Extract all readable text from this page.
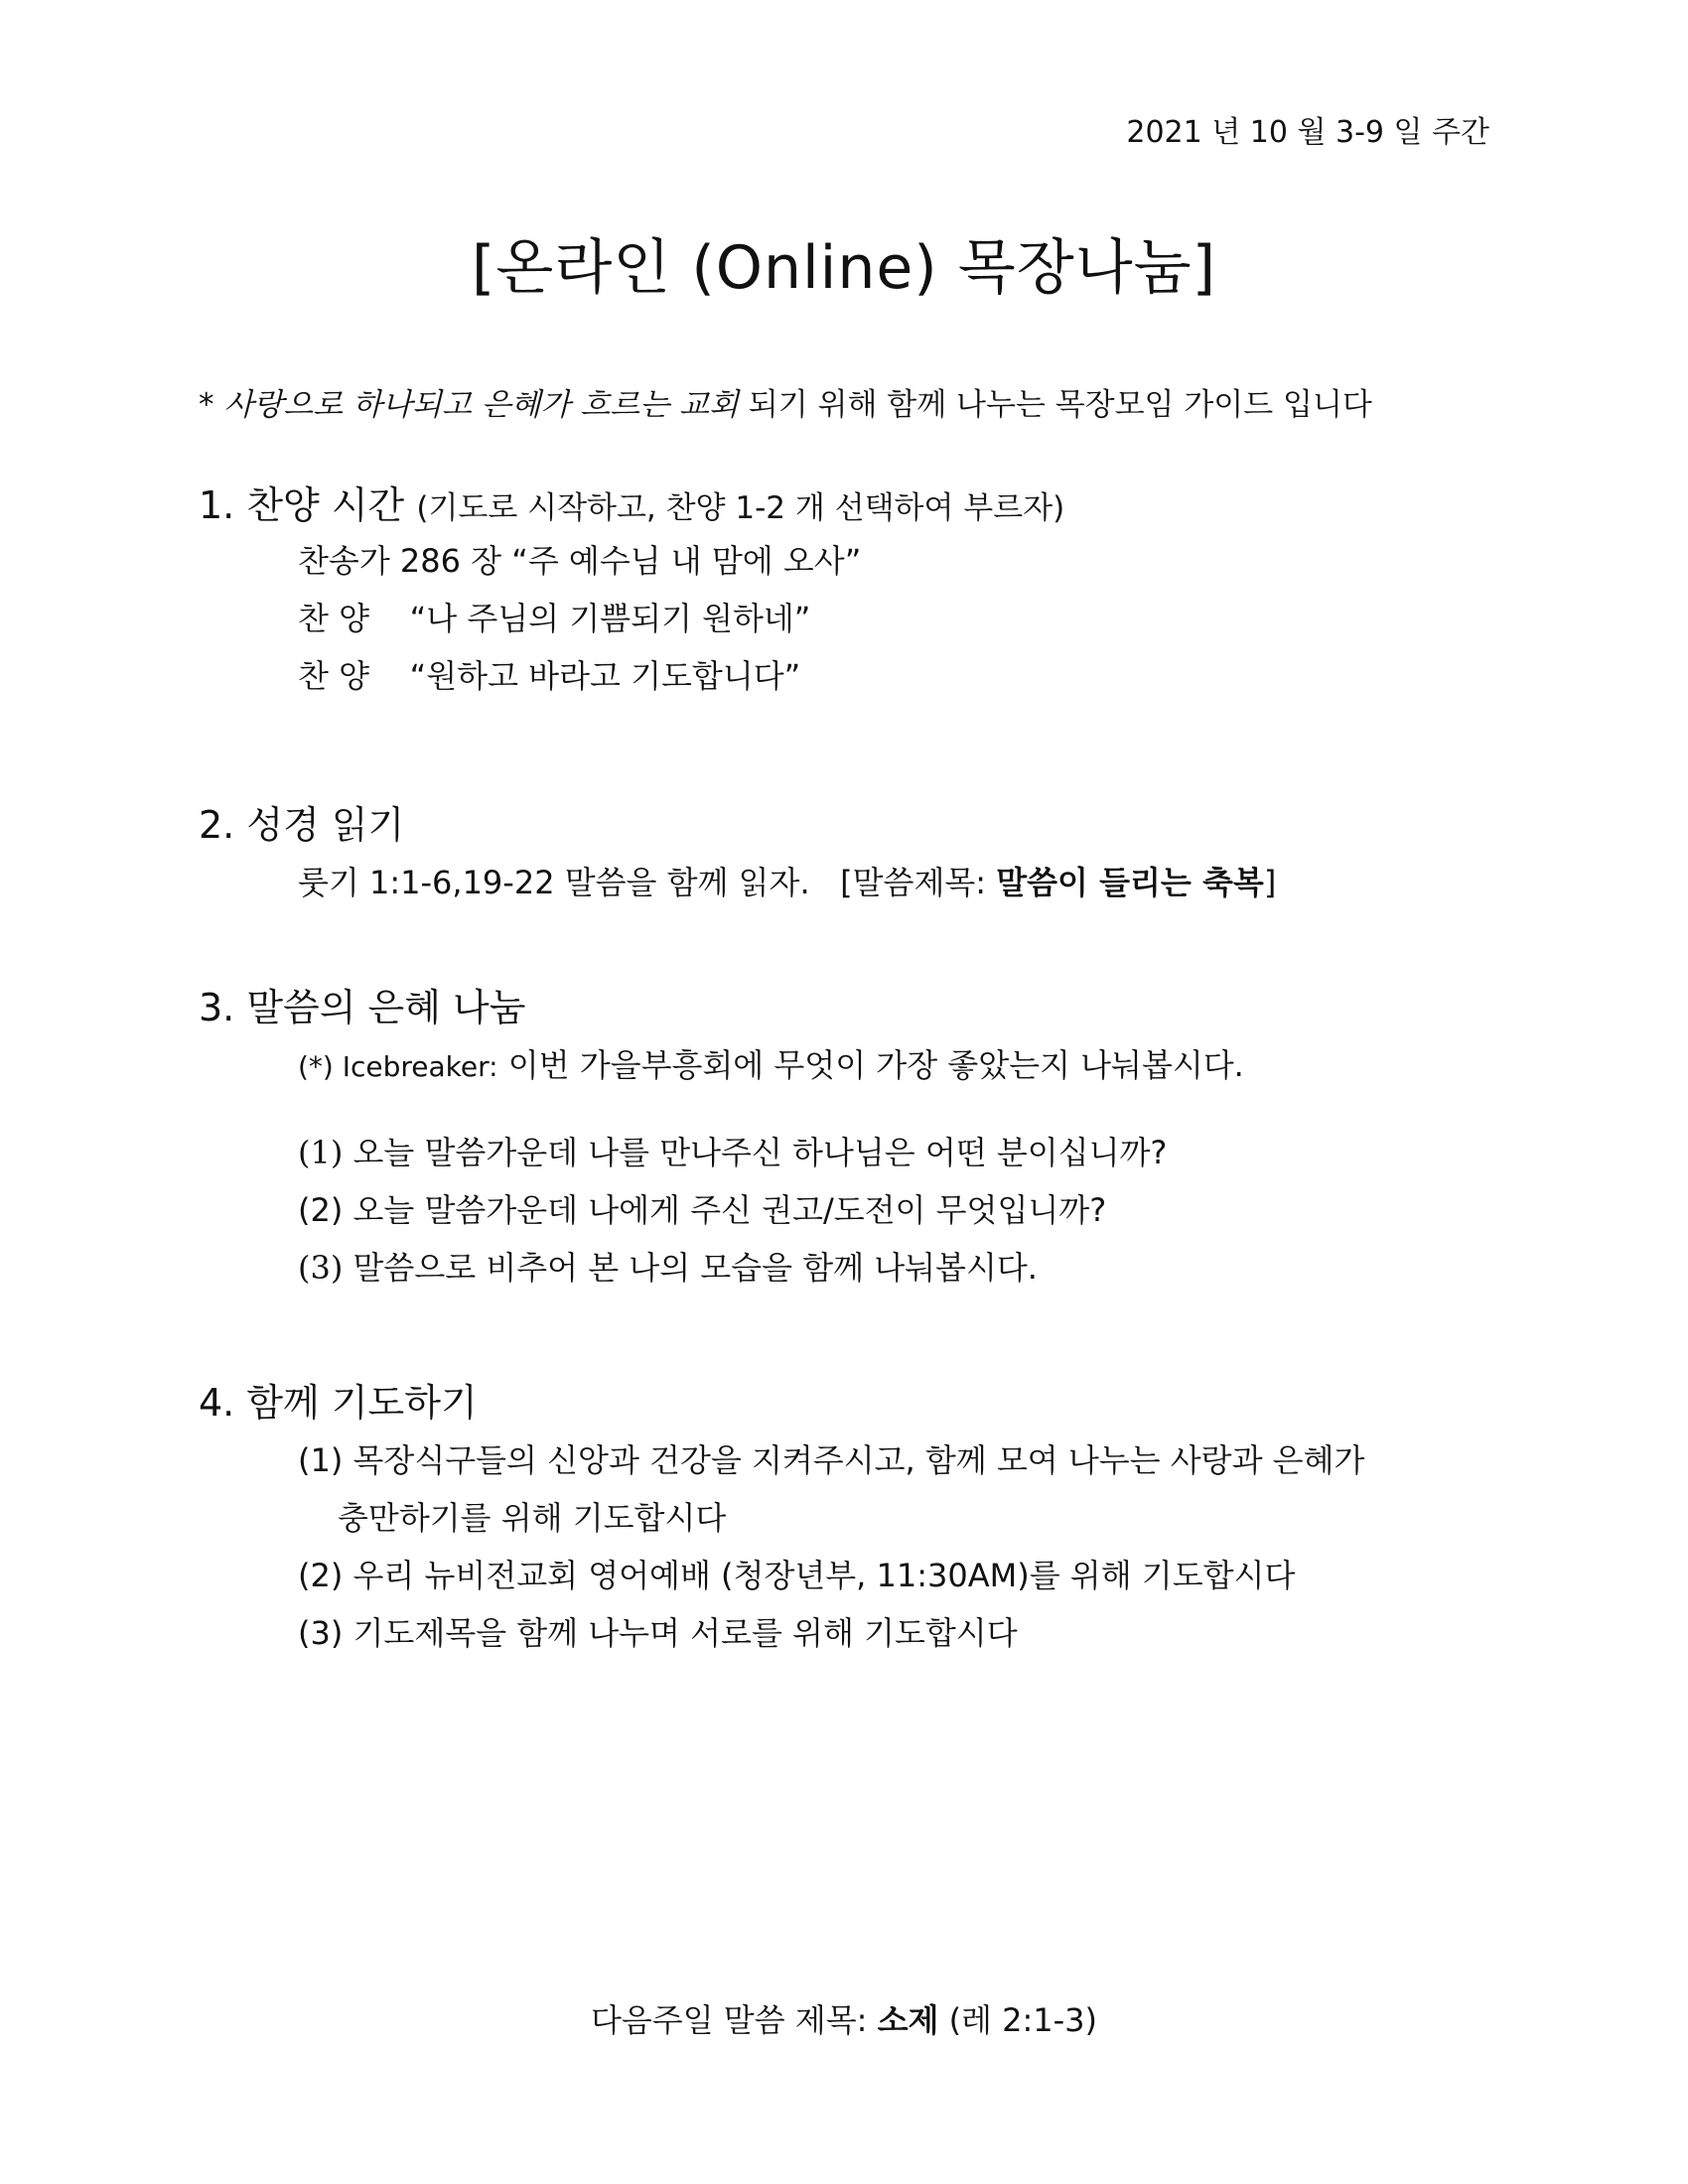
2021 년 10 월 3-9 일 주간
[온라인 (Online) 목장나눔]
* 사랑으로 하나되고 은혜가 흐르는 교회 되기 위해 함께 나누는 목장모임 가이드 입니다
1. 찬양 시간 (기도로 시작하고, 찬양 1-2 개 선택하여 부르자)
찬송가 286 장 “주 예수님 내 맘에 오사”
찬 양    “나 주님의 기쁨되기 원하네”
찬 양    “원하고 바라고 기도합니다”
2. 성경 읽기
룻기 1:1-6,19-22 말씀을 함께 읽자.   [말씀제목: 말씀이 들리는 축복]
3. 말씀의 은혜 나눔
(*) Icebreaker: 이번 가을부흥회에 무엇이 가장 좋았는지 나눠봅시다.
(1) 오늘 말씀가운데 나를 만나주신 하나님은 어떤 분이십니까?
(2) 오늘 말씀가운데 나에게 주신 권고/도전이 무엇입니까?
(3) 말씀으로 비추어 본 나의 모습을 함께 나눠봅시다.
4. 함께 기도하기
(1) 목장식구들의 신앙과 건강을 지켜주시고, 함께 모여 나누는 사랑과 은혜가
충만하기를 위해 기도합시다
(2) 우리 뉴비전교회 영어예배 (청장년부, 11:30AM)를 위해 기도합시다
(3) 기도제목을 함께 나누며 서로를 위해 기도합시다
다음주일 말씀 제목: 소제 (레 2:1-3)
